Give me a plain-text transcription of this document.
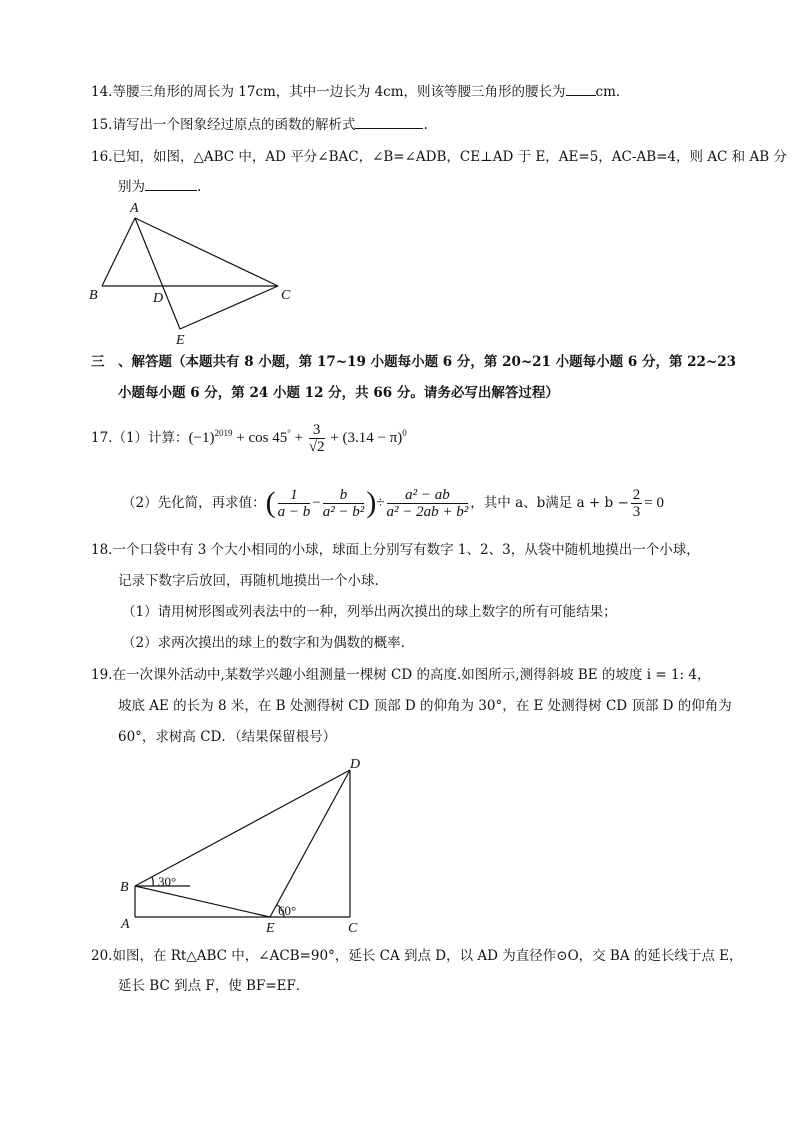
14.等腰三角形的周长为 17cm，其中一边长为 4cm，则该等腰三角形的腰长为 cm.
15.请写出一个图象经过原点的函数的解析式	.
16.已知，如图，△ABC 中，AD 平分∠BAC，∠B=∠ADB，CE⊥AD 于 E，AE=5，AC-AB=4，则 AC 和 AB 分
别为	.
A
B	D	C
E
三　、解答题（本题共有 8 小题，第 17~19 小题每小题 6 分，第 20~21 小题每小题 6 分，第 22~23
小题每小题 6 分，第 24 小题 12 分，共 66 分。请务必写出解答过程）
17.（1）计算： $(-1)^{2019} + \cos 45^\circ + \frac{3}{√2} + (3.14 - \pi)^0$
（2）先化简，再求值： ( $\frac{1}{a - b} - \frac{b}{\text{a² − b²}}$ ) ÷ $\frac{\text{a² − ab}}{\text{a² − 2ab + b²}}$ ，其中 a、b满足 $a + b - \frac{2}{3} = 0$
18.一个口袋中有 3 个大小相同的小球，球面上分别写有数字 1、2、3，从袋中随机地摸出一个小球，
记录下数字后放回，再随机地摸出一个小球.
（1）请用树形图或列表法中的一种，列举出两次摸出的球上数字的所有可能结果；
（2）求两次摸出的球上的数字和为偶数的概率.
19.在一次课外活动中,某数学兴趣小组测量一棵树 CD 的高度.如图所示,测得斜坡 BE 的坡度 i = 1: 4，
坡底 AE 的长为 8 米，在 B 处测得树 CD 顶部 D 的仰角为 30°，在 E 处测得树 CD 顶部 D 的仰角为
60°，求树高 CD．（结果保留根号）
D
B
A	E	C
30°
60°
20.如图，在 Rt△ABC 中，∠ACB=90°，延长 CA 到点 D，以 AD 为直径作⊙O，交 BA 的延长线于点 E，
延长 BC 到点 F，使 BF=EF．
